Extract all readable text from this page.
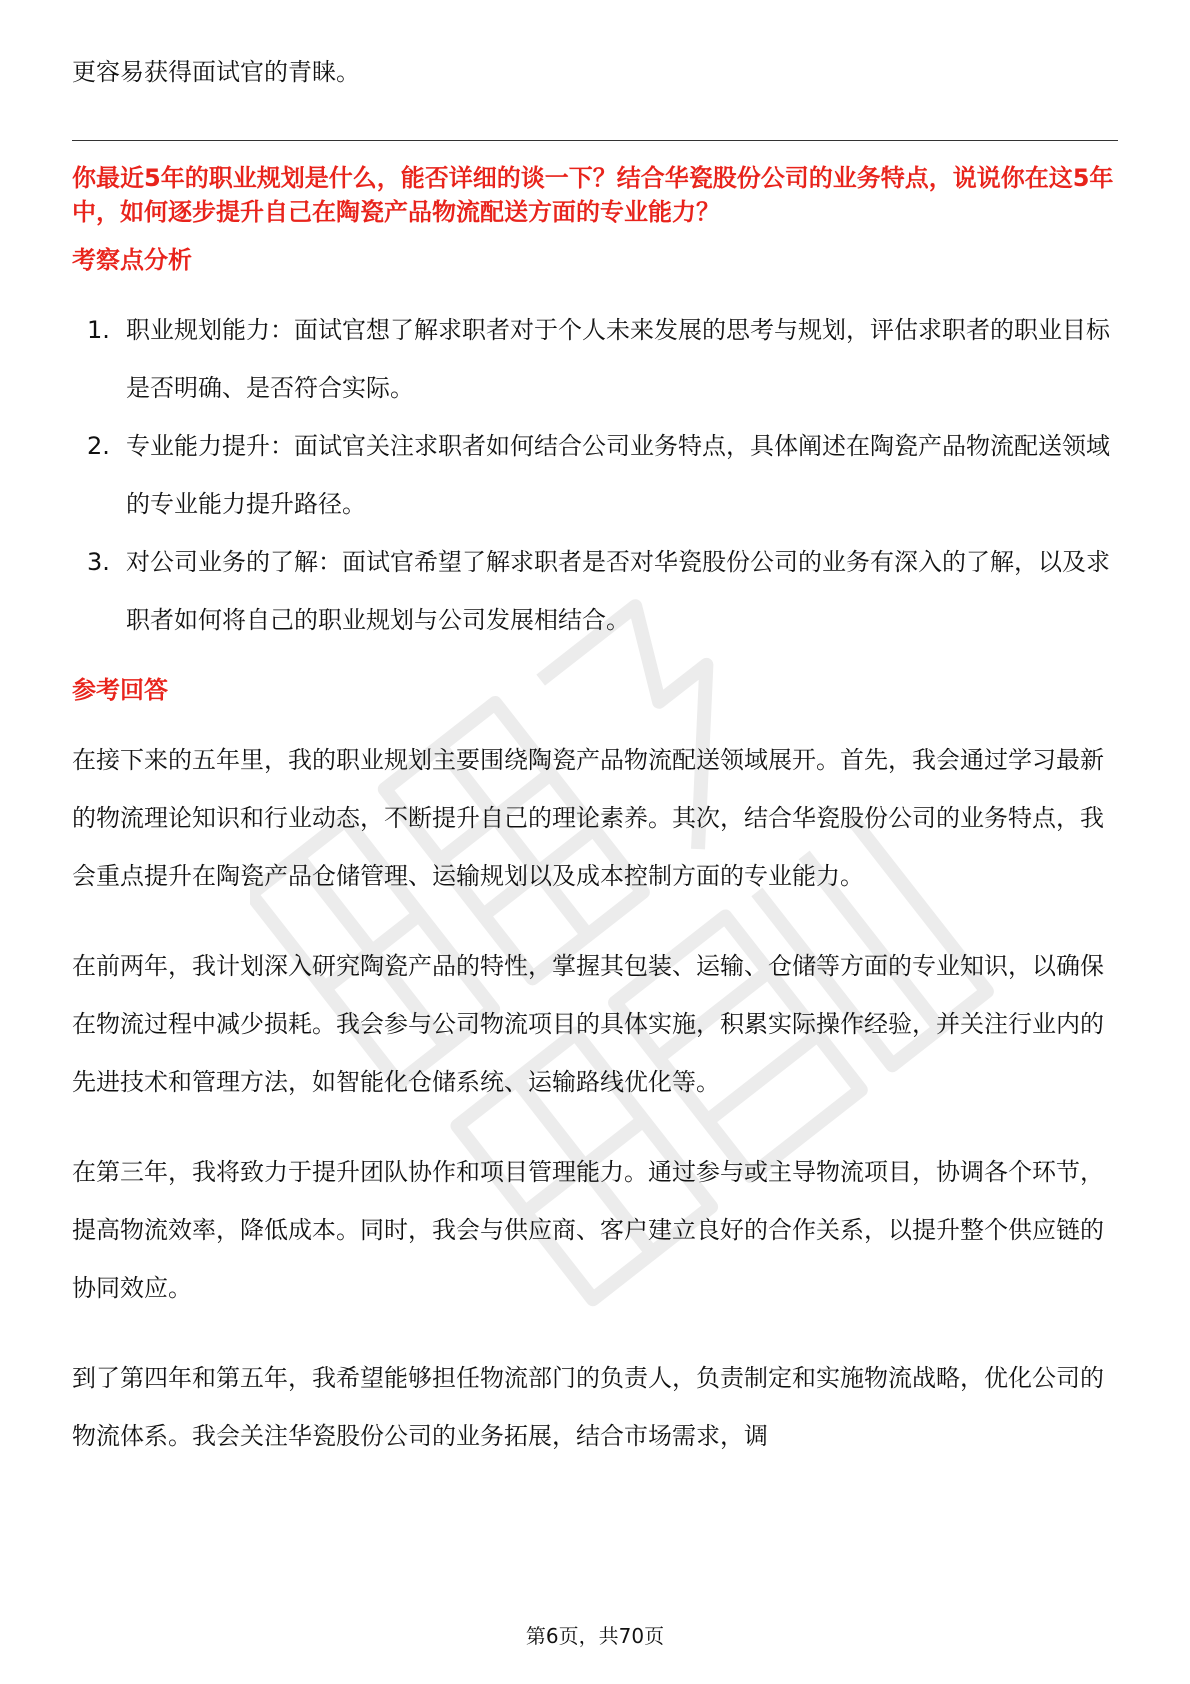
更容易获得面试官的青睐。

你最近5年的职业规划是什么，能否详细的谈一下？结合华瓷股份公司的业务特点，说说你在这5年中，如何逐步提升自己在陶瓷产品物流配送方面的专业能力？

考察点分析

1. 职业规划能力：面试官想了解求职者对于个人未来发展的思考与规划，评估求职者的职业目标是否明确、是否符合实际。
2. 专业能力提升：面试官关注求职者如何结合公司业务特点，具体阐述在陶瓷产品物流配送领域的专业能力提升路径。
3. 对公司业务的了解：面试官希望了解求职者是否对华瓷股份公司的业务有深入的了解，以及求职者如何将自己的职业规划与公司发展相结合。

参考回答

在接下来的五年里，我的职业规划主要围绕陶瓷产品物流配送领域展开。首先，我会通过学习最新的物流理论知识和行业动态，不断提升自己的理论素养。其次，结合华瓷股份公司的业务特点，我会重点提升在陶瓷产品仓储管理、运输规划以及成本控制方面的专业能力。

在前两年，我计划深入研究陶瓷产品的特性，掌握其包装、运输、仓储等方面的专业知识，以确保在物流过程中减少损耗。我会参与公司物流项目的具体实施，积累实际操作经验，并关注行业内的先进技术和管理方法，如智能化仓储系统、运输路线优化等。

在第三年，我将致力于提升团队协作和项目管理能力。通过参与或主导物流项目，协调各个环节，提高物流效率，降低成本。同时，我会与供应商、客户建立良好的合作关系，以提升整个供应链的协同效应。

到了第四年和第五年，我希望能够担任物流部门的负责人，负责制定和实施物流战略，优化公司的物流体系。我会关注华瓷股份公司的业务拓展，结合市场需求，调

第6页，共70页
